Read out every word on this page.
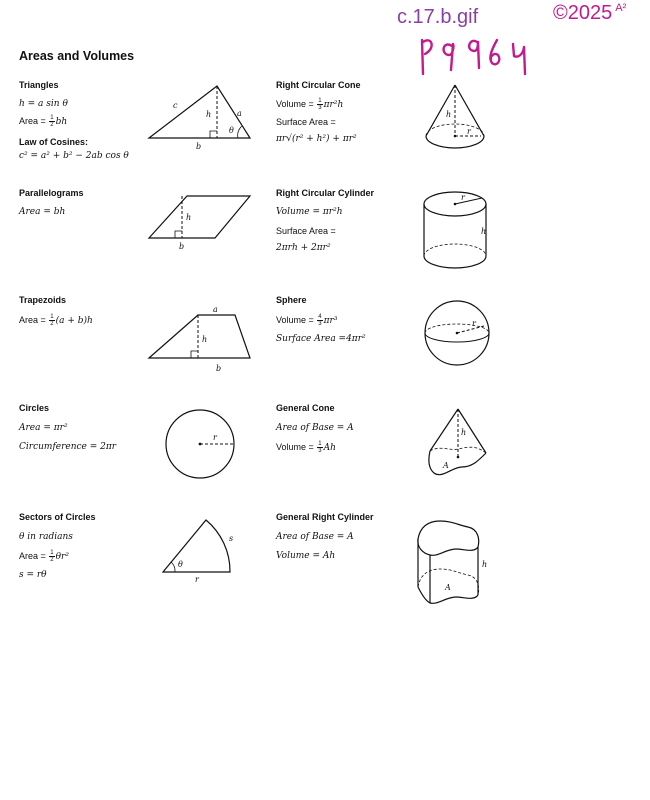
c.17.b.gif	©2025 $^{A^2}$
Areas and Volumes
Triangles
h = a sin θ
Area = $\frac{1}{2}$ bh
Law of Cosines:
c² = a² + b² − 2ab cos θ
c
h	a
θ
b
Parallelograms
Area = bh
h
b
Trapezoids
Area = $\frac{1}{2} (a + b)h$
a
h
b
Circles
Area = πr²
Circumference = 2πr
r
Sectors of Circles
θ in radians
Area = $\frac{1}{2} \theta r^2$
s = rθ
s
θ
r
Right Circular Cone
Volume = $\frac{1}{3} \pi r^2h$
Surface Area =
πr√(r² + h²) + πr²
h
r
Right Circular Cylinder
Volume = πr²h
Surface Area =
2πrh + 2πr²
r
h
Sphere
Volume = $\frac{4}{3} \pi r^3$
Surface Area =4πr²
r
General Cone
Area of Base = A
Volume = $\frac{1}{3}$ Ah
h
A
General Right Cylinder
Area of Base = A
Volume = Ah
A
h
